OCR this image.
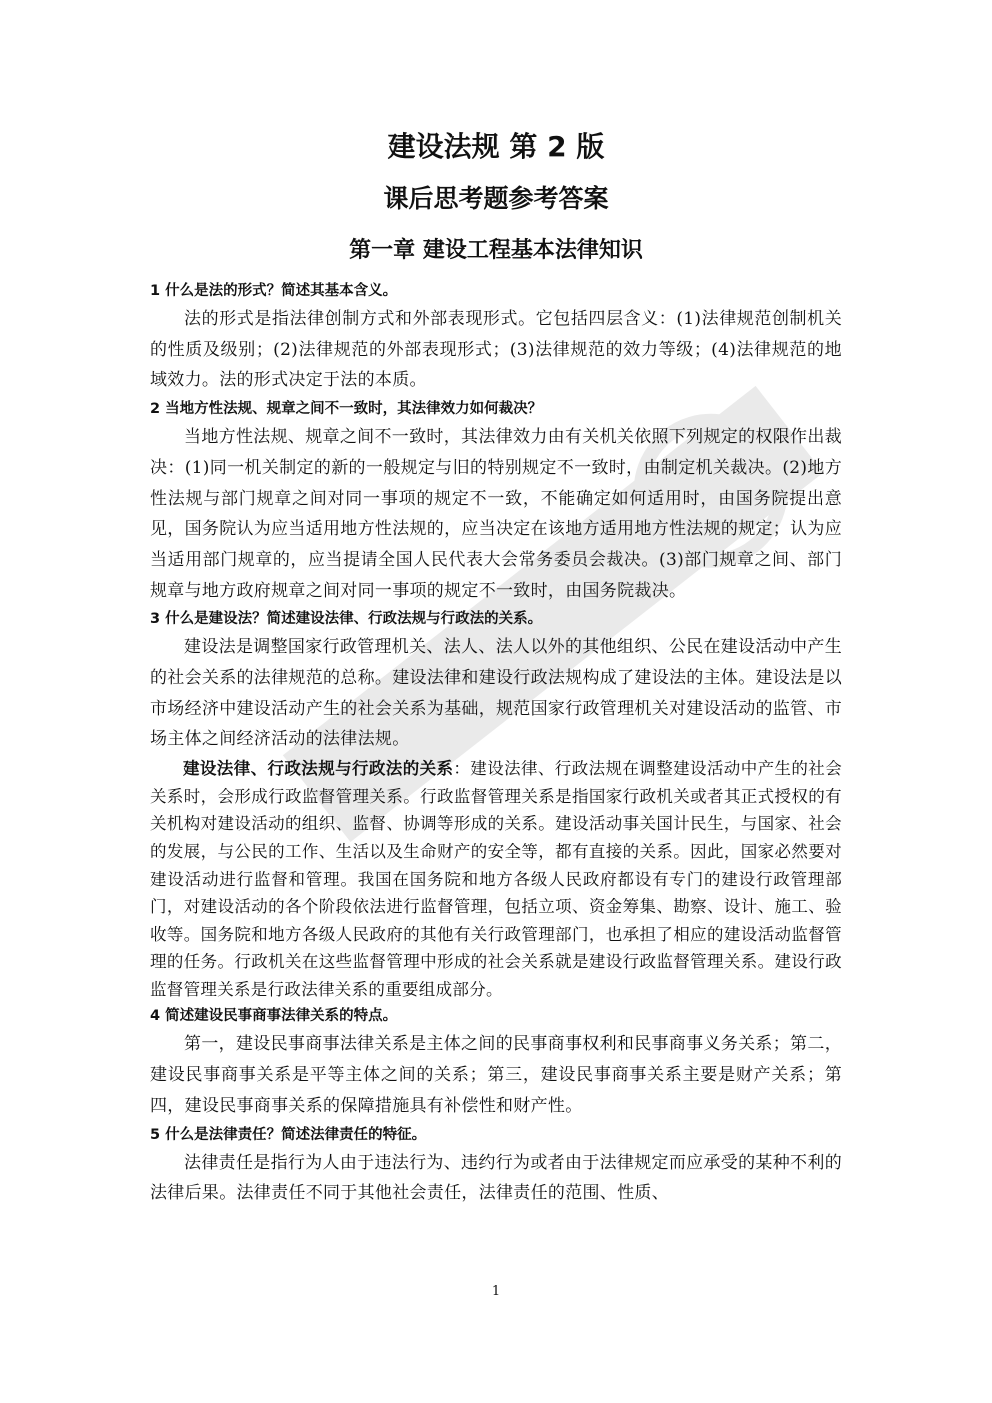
建设法规 第 2 版
课后思考题参考答案
第一章 建设工程基本法律知识

1 什么是法的形式？简述其基本含义。

法的形式是指法律创制方式和外部表现形式。它包括四层含义：(1)法律规范创制机关的性质及级别；(2)法律规范的外部表现形式；(3)法律规范的效力等级；(4)法律规范的地域效力。法的形式决定于法的本质。

2 当地方性法规、规章之间不一致时，其法律效力如何裁决？

当地方性法规、规章之间不一致时，其法律效力由有关机关依照下列规定的权限作出裁决：(1)同一机关制定的新的一般规定与旧的特别规定不一致时，由制定机关裁决。(2)地方性法规与部门规章之间对同一事项的规定不一致，不能确定如何适用时，由国务院提出意见，国务院认为应当适用地方性法规的，应当决定在该地方适用地方性法规的规定；认为应当适用部门规章的，应当提请全国人民代表大会常务委员会裁决。(3)部门规章之间、部门规章与地方政府规章之间对同一事项的规定不一致时，由国务院裁决。

3 什么是建设法？简述建设法律、行政法规与行政法的关系。

建设法是调整国家行政管理机关、法人、法人以外的其他组织、公民在建设活动中产生的社会关系的法律规范的总称。建设法律和建设行政法规构成了建设法的主体。建设法是以市场经济中建设活动产生的社会关系为基础，规范国家行政管理机关对建设活动的监管、市场主体之间经济活动的法律法规。

建设法律、行政法规与行政法的关系：建设法律、行政法规在调整建设活动中产生的社会关系时，会形成行政监督管理关系。行政监督管理关系是指国家行政机关或者其正式授权的有关机构对建设活动的组织、监督、协调等形成的关系。建设活动事关国计民生，与国家、社会的发展，与公民的工作、生活以及生命财产的安全等，都有直接的关系。因此，国家必然要对建设活动进行监督和管理。我国在国务院和地方各级人民政府都设有专门的建设行政管理部门，对建设活动的各个阶段依法进行监督管理，包括立项、资金筹集、勘察、设计、施工、验收等。国务院和地方各级人民政府的其他有关行政管理部门，也承担了相应的建设活动监督管理的任务。行政机关在这些监督管理中形成的社会关系就是建设行政监督管理关系。建设行政监督管理关系是行政法律关系的重要组成部分。

4 简述建设民事商事法律关系的特点。

第一，建设民事商事法律关系是主体之间的民事商事权利和民事商事义务关系；第二，建设民事商事关系是平等主体之间的关系；第三，建设民事商事关系主要是财产关系；第四，建设民事商事关系的保障措施具有补偿性和财产性。

5 什么是法律责任？简述法律责任的特征。

法律责任是指行为人由于违法行为、违约行为或者由于法律规定而应承受的某种不利的法律后果。法律责任不同于其他社会责任，法律责任的范围、性质、

1
